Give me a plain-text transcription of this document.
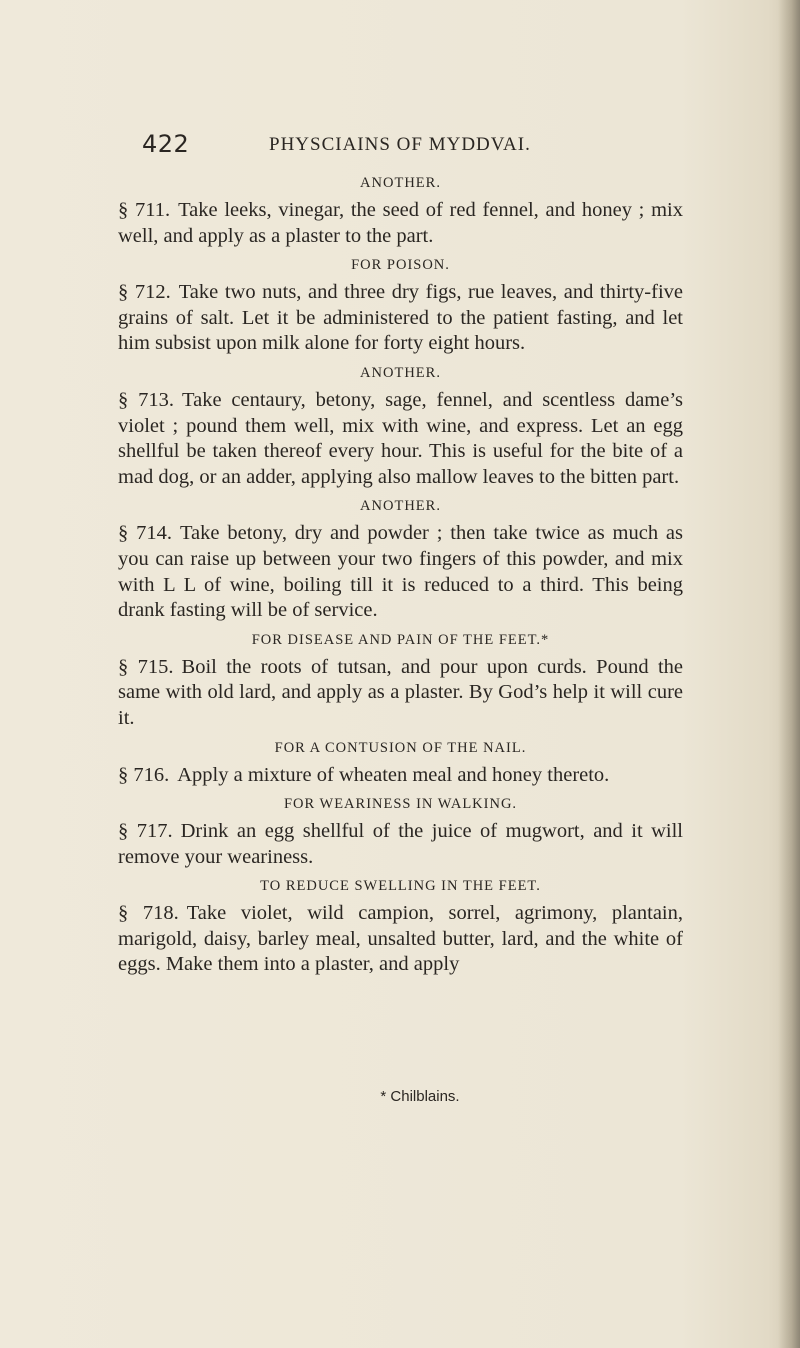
422	PHYSCIAINS OF MYDDVAI.
ANOTHER.

§ 711. Take leeks, vinegar, the seed of red fennel, and honey ; mix well, and apply as a plaster to the part.

FOR POISON.

§ 712. Take two nuts, and three dry figs, rue leaves, and thirty-five grains of salt. Let it be administered to the patient fasting, and let him subsist upon milk alone for forty eight hours.

ANOTHER.

§ 713. Take centaury, betony, sage, fennel, and scentless dame’s violet ; pound them well, mix with wine, and express. Let an egg shellful be taken thereof every hour. This is useful for the bite of a mad dog, or an adder, applying also mallow leaves to the bitten part.

ANOTHER.

§ 714. Take betony, dry and powder ; then take twice as much as you can raise up between your two fingers of this powder, and mix with L L of wine, boiling till it is reduced to a third. This being drank fasting will be of service.

FOR DISEASE AND PAIN OF THE FEET.*

§ 715. Boil the roots of tutsan, and pour upon curds. Pound the same with old lard, and apply as a plaster. By God’s help it will cure it.

FOR A CONTUSION OF THE NAIL.

§ 716. Apply a mixture of wheaten meal and honey thereto.

FOR WEARINESS IN WALKING.

§ 717. Drink an egg shellful of the juice of mugwort, and it will remove your weariness.

TO REDUCE SWELLING IN THE FEET.

§ 718. Take violet, wild campion, sorrel, agrimony, plantain, marigold, daisy, barley meal, unsalted butter, lard, and the white of eggs. Make them into a plaster, and apply

* Chilblains.
